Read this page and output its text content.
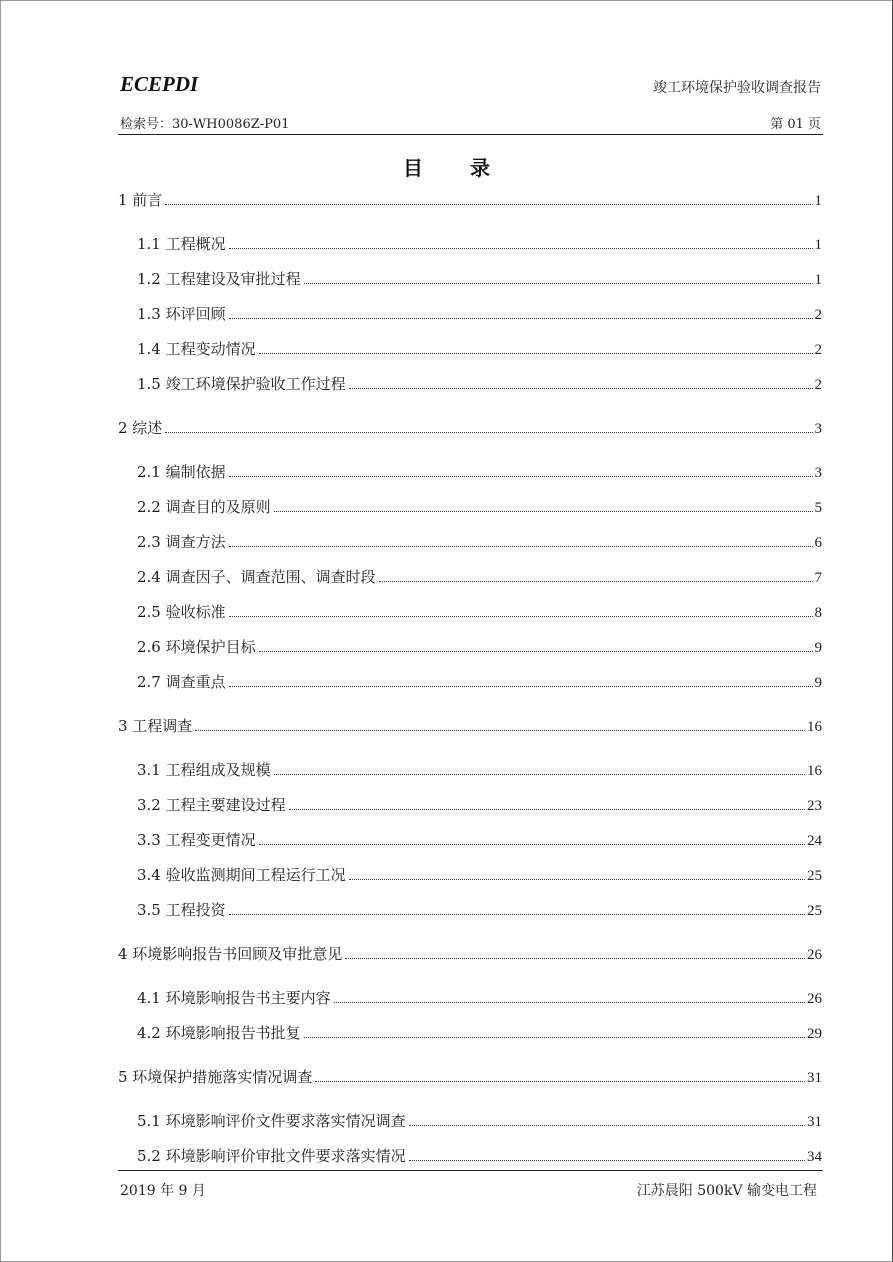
ECEPDI	竣工环境保护验收调查报告
检索号：30-WH0086Z-P01	第 01 页
目 录
1 前言	1
1.1 工程概况	1
1.2 工程建设及审批过程	1
1.3 环评回顾	2
1.4 工程变动情况	2
1.5 竣工环境保护验收工作过程	2
2 综述	3
2.1 编制依据	3
2.2 调查目的及原则	5
2.3 调查方法	6
2.4 调查因子、调查范围、调查时段	7
2.5 验收标准	8
2.6 环境保护目标	9
2.7 调查重点	9
3 工程调查	16
3.1 工程组成及规模	16
3.2 工程主要建设过程	23
3.3 工程变更情况	24
3.4 验收监测期间工程运行工况	25
3.5 工程投资	25
4 环境影响报告书回顾及审批意见	26
4.1 环境影响报告书主要内容	26
4.2 环境影响报告书批复	29
5 环境保护措施落实情况调查	31
5.1 环境影响评价文件要求落实情况调查	31
5.2 环境影响评价审批文件要求落实情况	34
2019 年 9 月	江苏晨阳 500kV 输变电工程
